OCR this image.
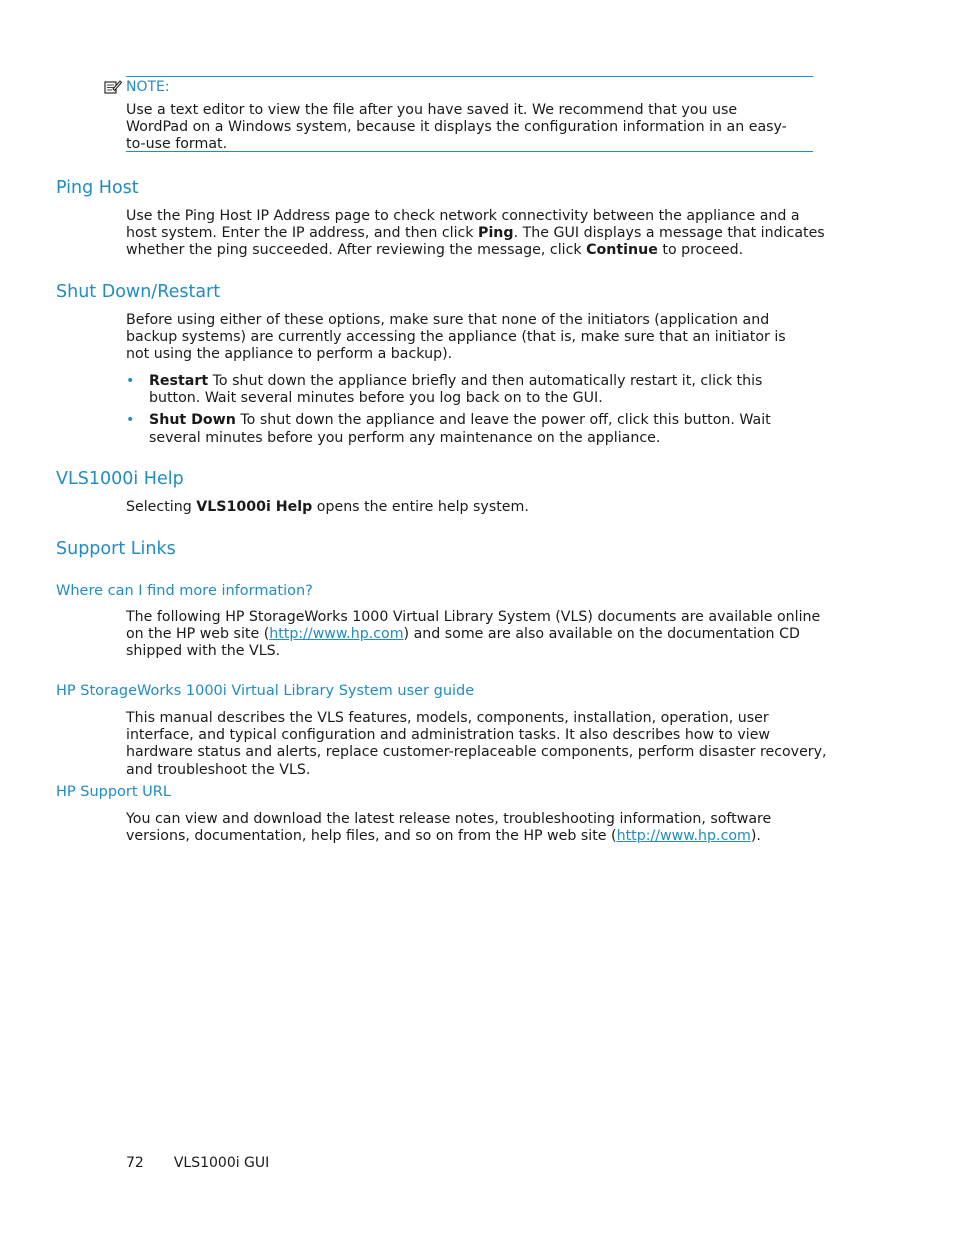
NOTE:

Use a text editor to view the file after you have saved it. We recommend that you use WordPad on a Windows system, because it displays the configuration information in an easy-to-use format.

Ping Host

Use the Ping Host IP Address page to check network connectivity between the appliance and a host system. Enter the IP address, and then click Ping. The GUI displays a message that indicates whether the ping succeeded. After reviewing the message, click Continue to proceed.

Shut Down/Restart

Before using either of these options, make sure that none of the initiators (application and backup systems) are currently accessing the appliance (that is, make sure that an initiator is not using the appliance to perform a backup).

• Restart To shut down the appliance briefly and then automatically restart it, click this button. Wait several minutes before you log back on to the GUI.
• Shut Down To shut down the appliance and leave the power off, click this button. Wait several minutes before you perform any maintenance on the appliance.
VLS1000i Help

Selecting VLS1000i Help opens the entire help system.

Support Links
Where can I find more information?

The following HP StorageWorks 1000 Virtual Library System (VLS) documents are available online on the HP web site (http://www.hp.com) and some are also available on the documentation CD shipped with the VLS.

HP StorageWorks 1000i Virtual Library System user guide

This manual describes the VLS features, models, components, installation, operation, user interface, and typical configuration and administration tasks. It also describes how to view hardware status and alerts, replace customer-replaceable components, perform disaster recovery, and troubleshoot the VLS.

HP Support URL

You can view and download the latest release notes, troubleshooting information, software versions, documentation, help files, and so on from the HP web site (http://www.hp.com).

72 VLS1000i GUI
